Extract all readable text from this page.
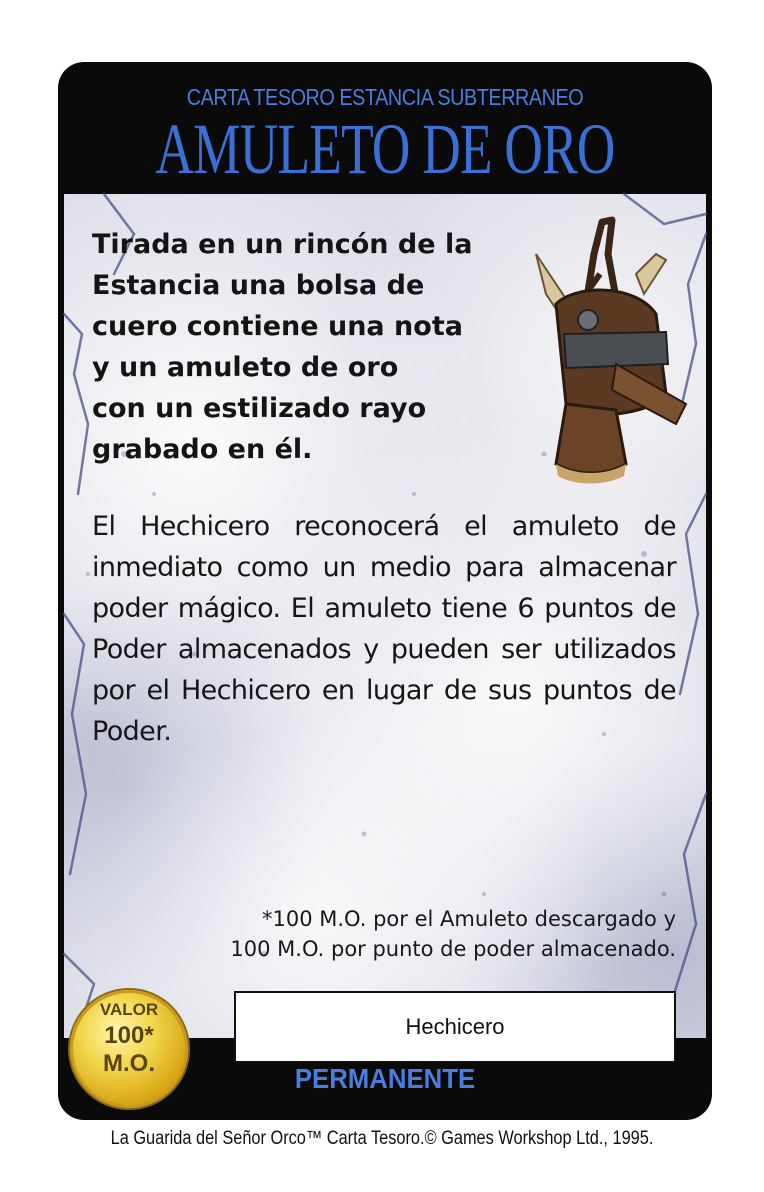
CARTA TESORO ESTANCIA SUBTERRANEO
AMULETO DE ORO
Tirada en un rincón de la
Estancia una bolsa de
cuero contiene una nota
y un amuleto de oro
con un estilizado rayo
grabado en él.
El Hechicero reconocerá el amuleto de inmediato como un medio para almacenar poder mágico. El amuleto tiene 6 puntos de Poder almacenados y pueden ser utilizados por el Hechicero en lugar de sus puntos de Poder.
*100 M.O. por el Amuleto descargado y
100 M.O. por punto de poder almacenado.
VALOR
100*
M.O.
Hechicero
PERMANENTE
La Guarida del Señor Orco™ Carta Tesoro.© Games Workshop Ltd., 1995.
